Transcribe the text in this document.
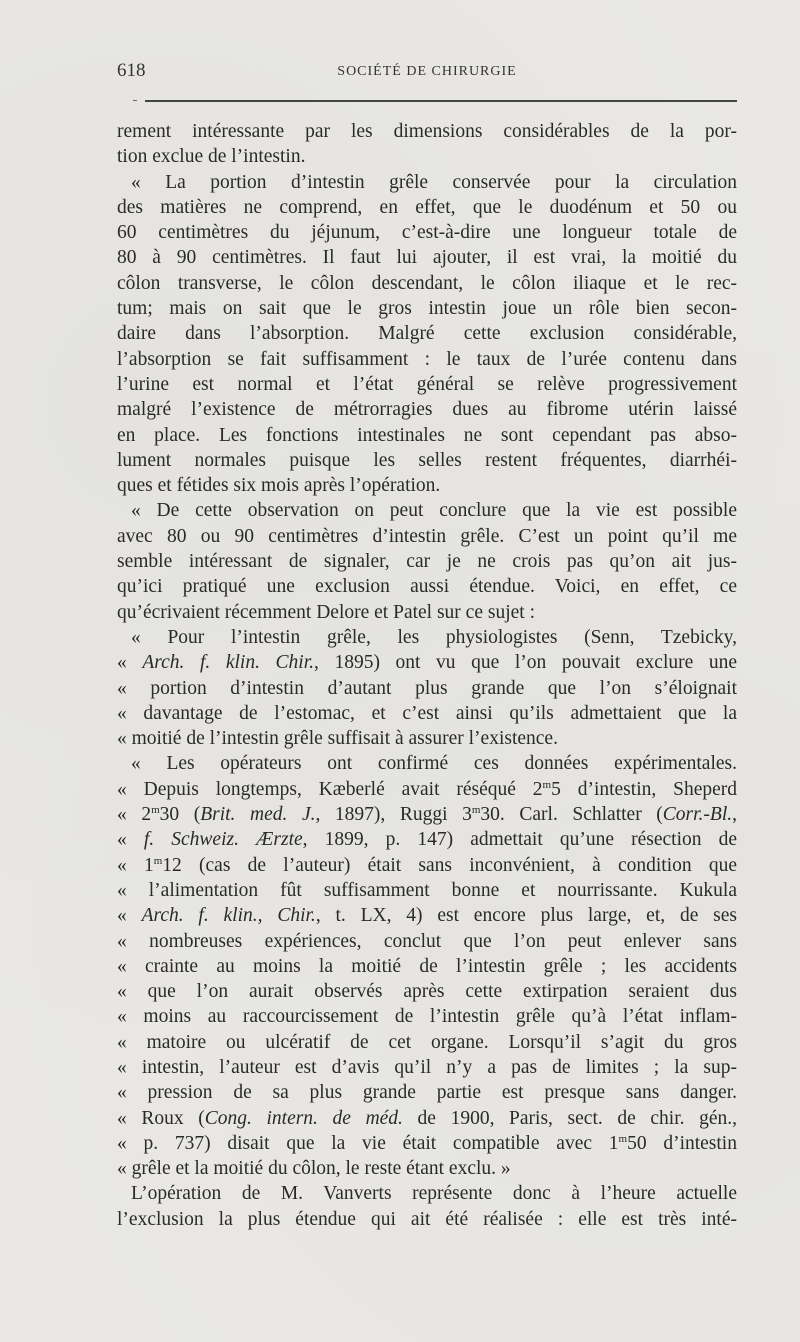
618	SOCIÉTÉ DE CHIRURGIE
rement intéressante par les dimensions considérables de la por-
tion exclue de l’intestin.
« La portion d’intestin grêle conservée pour la circulation
des matières ne comprend, en effet, que le duodénum et 50 ou
60 centimètres du jéjunum, c’est-à-dire une longueur totale de
80 à 90 centimètres. Il faut lui ajouter, il est vrai, la moitié du
côlon transverse, le côlon descendant, le côlon iliaque et le rec-
tum; mais on sait que le gros intestin joue un rôle bien secon-
daire dans l’absorption. Malgré cette exclusion considérable,
l’absorption se fait suffisamment : le taux de l’urée contenu dans
l’urine est normal et l’état général se relève progressivement
malgré l’existence de métrorragies dues au fibrome utérin laissé
en place. Les fonctions intestinales ne sont cependant pas abso-
lument normales puisque les selles restent fréquentes, diarrhéi-
ques et fétides six mois après l’opération.
« De cette observation on peut conclure que la vie est possible
avec 80 ou 90 centimètres d’intestin grêle. C’est un point qu’il me
semble intéressant de signaler, car je ne crois pas qu’on ait jus-
qu’ici pratiqué une exclusion aussi étendue. Voici, en effet, ce
qu’écrivaient récemment Delore et Patel sur ce sujet :
« Pour l’intestin grêle, les physiologistes (Senn, Tzebicky,
« Arch. f. klin. Chir., 1895) ont vu que l’on pouvait exclure une
« portion d’intestin d’autant plus grande que l’on s’éloignait
« davantage de l’estomac, et c’est ainsi qu’ils admettaient que la
« moitié de l’intestin grêle suffisait à assurer l’existence.
« Les opérateurs ont confirmé ces données expérimentales.
« Depuis longtemps, Kæberlé avait réséqué 2$^m$5 d’intestin, Sheperd
« 2$^m$30 (Brit. med. J., 1897), Ruggi 3$^m$30. Carl. Schlatter (Corr.-Bl.,
« f. Schweiz. Ærzte, 1899, p. 147) admettait qu’une résection de
« 1$^m$12 (cas de l’auteur) était sans inconvénient, à condition que
« l’alimentation fût suffisamment bonne et nourrissante. Kukula
« Arch. f. klin., Chir., t. LX, 4) est encore plus large, et, de ses
« nombreuses expériences, conclut que l’on peut enlever sans
« crainte au moins la moitié de l’intestin grêle ; les accidents
« que l’on aurait observés après cette extirpation seraient dus
« moins au raccourcissement de l’intestin grêle qu’à l’état inflam-
« matoire ou ulcératif de cet organe. Lorsqu’il s’agit du gros
« intestin, l’auteur est d’avis qu’il n’y a pas de limites ; la sup-
« pression de sa plus grande partie est presque sans danger.
« Roux (Cong. intern. de méd. de 1900, Paris, sect. de chir. gén.,
« p. 737) disait que la vie était compatible avec 1$^m$50 d’intestin
« grêle et la moitié du côlon, le reste étant exclu. »
L’opération de M. Vanverts représente donc à l’heure actuelle
l’exclusion la plus étendue qui ait été réalisée : elle est très inté-
